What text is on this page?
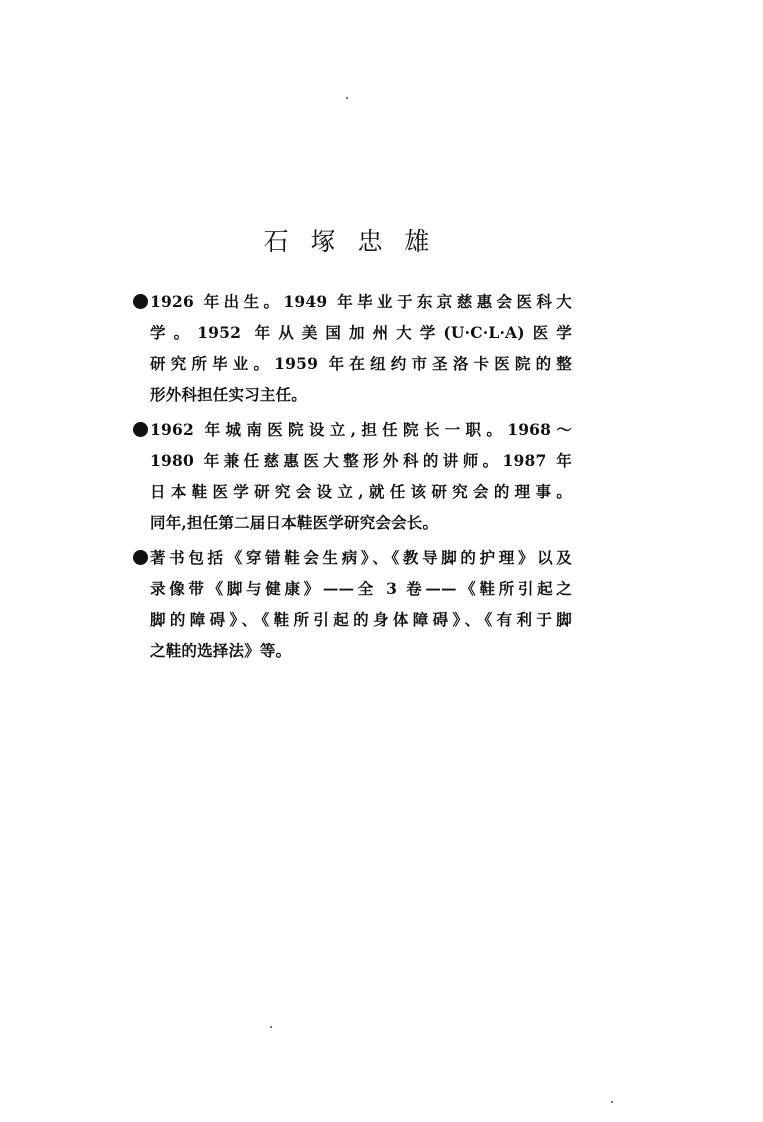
石 塚 忠 雄
1926 年出生。1949 年毕业于东京慈惠会医科大
学。1952 年从美国加州大学(U·C·L·A)医学
研究所毕业。1959 年在纽约市圣洛卡医院的整
形外科担任实习主任。
1962 年城南医院设立,担任院长一职。1968～
1980 年兼任慈惠医大整形外科的讲师。1987 年
日本鞋医学研究会设立,就任该研究会的理事。
同年,担任第二届日本鞋医学研究会会长。
著书包括《穿错鞋会生病》、《教导脚的护理》以及
录像带《脚与健康》——全 3 卷——《鞋所引起之
脚的障碍》、《鞋所引起的身体障碍》、《有利于脚
之鞋的选择法》等。
